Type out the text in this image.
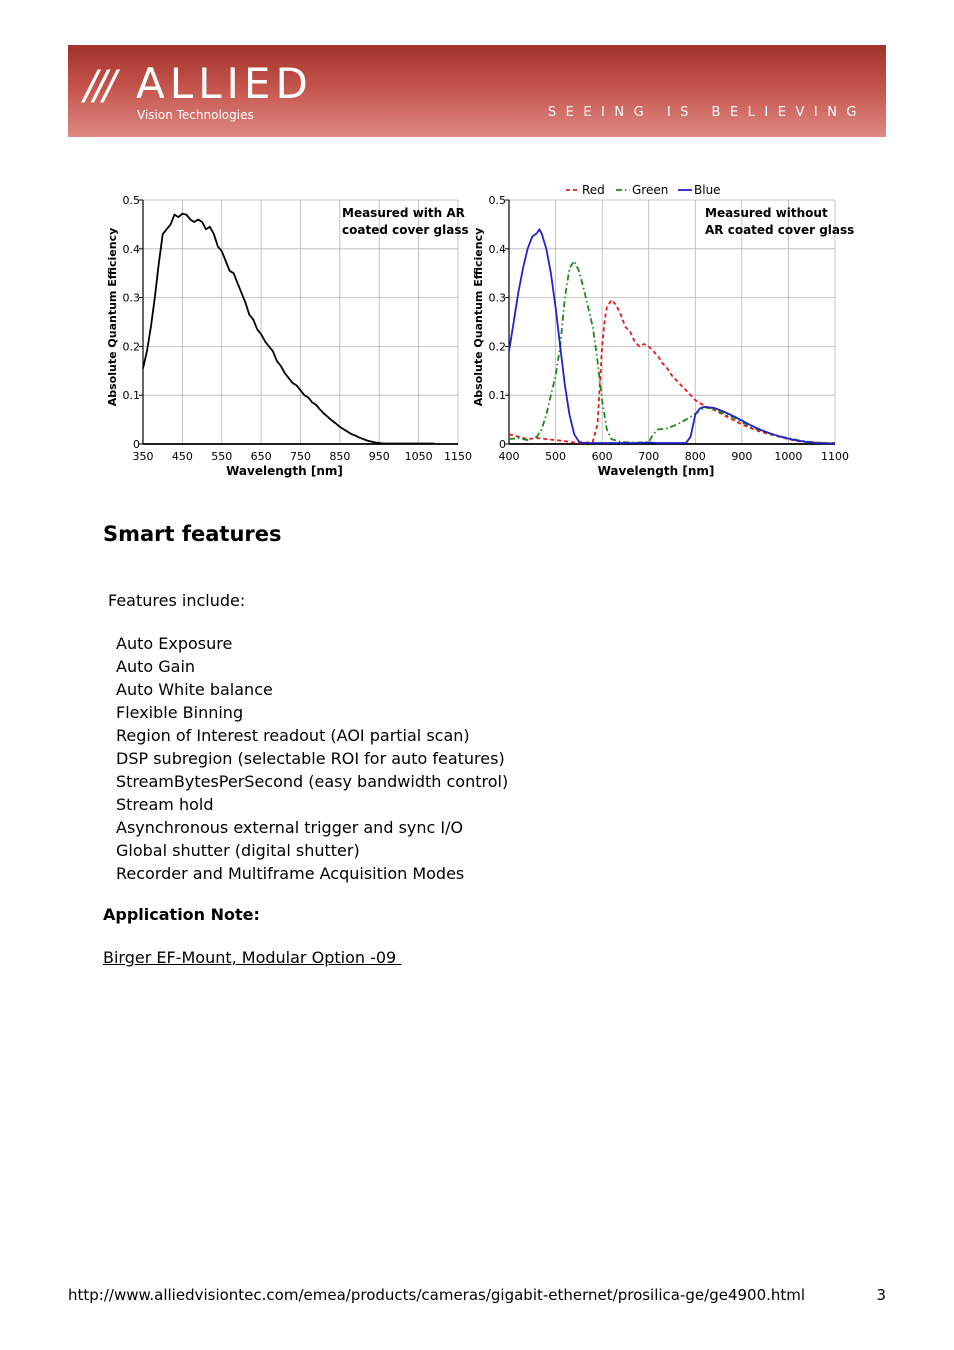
/// ALLIED
Vision Technologies	SEEING IS BELIEVING
350 450 550 650 750 850 950 1050 1150
0
0.1
0.2
0.3
0.4
0.5
Wavelength [nm]
Absolute Quantum Efficiency
Measured with AR
coated cover glass
400 500 600 700 800 900 1000 1100
0
0.1
0.2
0.3
0.4
0.5
Wavelength [nm]
Absolute Quantum Efficiency
Measured without
AR coated cover glass
Red Green Blue
Smart features
Features include:
Auto Exposure
Auto Gain
Auto White balance
Flexible Binning
Region of Interest readout (AOI partial scan)
DSP subregion (selectable ROI for auto features)
StreamBytesPerSecond (easy bandwidth control)
Stream hold
Asynchronous external trigger and sync I/O
Global shutter (digital shutter)
Recorder and Multiframe Acquisition Modes
Application Note:
Birger EF-Mount, Modular Option -09
http://www.alliedvisiontec.com/emea/products/cameras/gigabit-ethernet/prosilica-ge/ge4900.html	3
